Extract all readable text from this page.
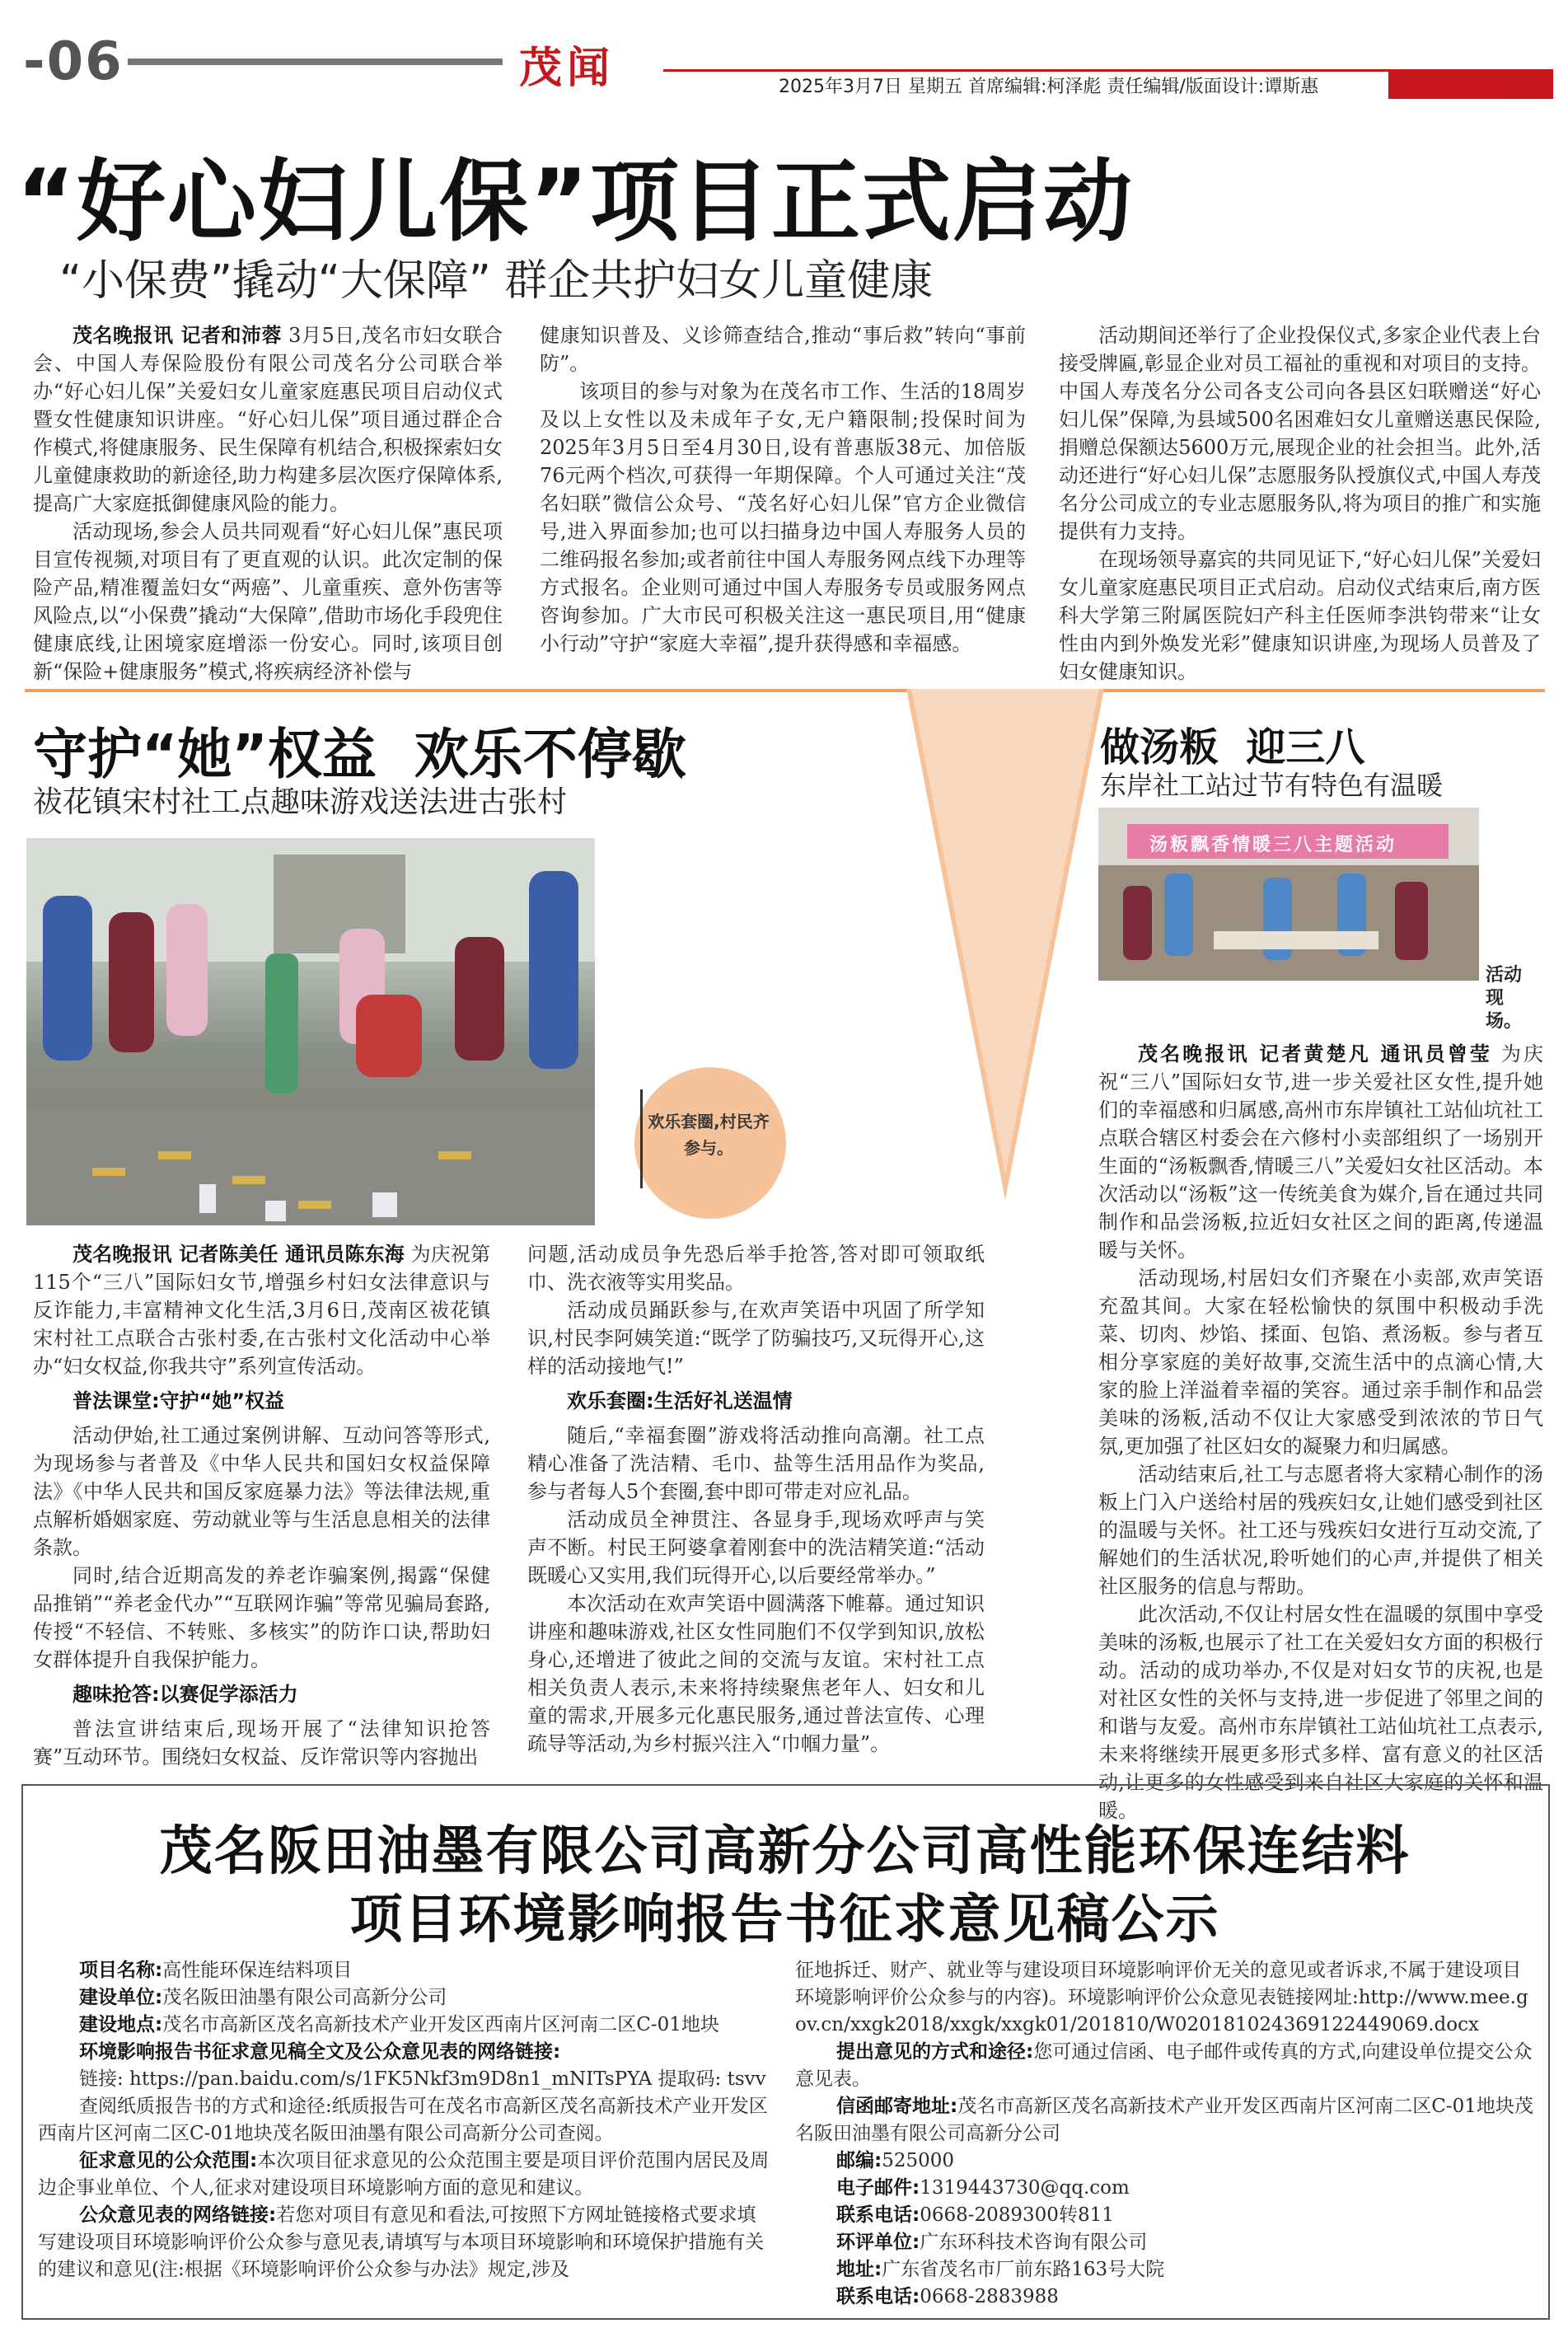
-06	茂闻	2025年3月7日 星期五 首席编辑:柯泽彪 责任编辑/版面设计:谭斯惠	茂名晚报
“好心妇儿保”项目正式启动
“小保费”撬动“大保障” 群企共护妇女儿童健康

茂名晚报讯 记者和沛蓉 3月5日,茂名市妇女联合会、中国人寿保险股份有限公司茂名分公司联合举办“好心妇儿保”关爱妇女儿童家庭惠民项目启动仪式暨女性健康知识讲座。“好心妇儿保”项目通过群企合作模式,将健康服务、民生保障有机结合,积极探索妇女儿童健康救助的新途径,助力构建多层次医疗保障体系,提高广大家庭抵御健康风险的能力。

活动现场,参会人员共同观看“好心妇儿保”惠民项目宣传视频,对项目有了更直观的认识。此次定制的保险产品,精准覆盖妇女“两癌”、儿童重疾、意外伤害等风险点,以“小保费”撬动“大保障”,借助市场化手段兜住健康底线,让困境家庭增添一份安心。同时,该项目创新“保险+健康服务”模式,将疾病经济补偿与

健康知识普及、义诊筛查结合,推动“事后救”转向“事前防”。

该项目的参与对象为在茂名市工作、生活的18周岁及以上女性以及未成年子女,无户籍限制;投保时间为2025年3月5日至4月30日,设有普惠版38元、加倍版76元两个档次,可获得一年期保障。个人可通过关注“茂名妇联”微信公众号、“茂名好心妇儿保”官方企业微信号,进入界面参加;也可以扫描身边中国人寿服务人员的二维码报名参加;或者前往中国人寿服务网点线下办理等方式报名。企业则可通过中国人寿服务专员或服务网点咨询参加。广大市民可积极关注这一惠民项目,用“健康小行动”守护“家庭大幸福”,提升获得感和幸福感。

活动期间还举行了企业投保仪式,多家企业代表上台接受牌匾,彰显企业对员工福祉的重视和对项目的支持。中国人寿茂名分公司各支公司向各县区妇联赠送“好心妇儿保”保障,为县域500名困难妇女儿童赠送惠民保险,捐赠总保额达5600万元,展现企业的社会担当。此外,活动还进行“好心妇儿保”志愿服务队授旗仪式,中国人寿茂名分公司成立的专业志愿服务队,将为项目的推广和实施提供有力支持。

在现场领导嘉宾的共同见证下,“好心妇儿保”关爱妇女儿童家庭惠民项目正式启动。启动仪式结束后,南方医科大学第三附属医院妇产科主任医师李洪钧带来“让女性由内到外焕发光彩”健康知识讲座,为现场人员普及了妇女健康知识。

守护“她”权益  欢乐不停歇
祓花镇宋村社工点趣味游戏送法进古张村
欢乐套圈,村民齐参与。

茂名晚报讯 记者陈美任 通讯员陈东海 为庆祝第115个“三八”国际妇女节,增强乡村妇女法律意识与反诈能力,丰富精神文化生活,3月6日,茂南区祓花镇宋村社工点联合古张村委,在古张村文化活动中心举办“妇女权益,你我共守”系列宣传活动。

普法课堂:守护“她”权益

活动伊始,社工通过案例讲解、互动问答等形式,为现场参与者普及《中华人民共和国妇女权益保障法》《中华人民共和国反家庭暴力法》等法律法规,重点解析婚姻家庭、劳动就业等与生活息息相关的法律条款。

同时,结合近期高发的养老诈骗案例,揭露“保健品推销”“养老金代办”“互联网诈骗”等常见骗局套路,传授“不轻信、不转账、多核实”的防诈口诀,帮助妇女群体提升自我保护能力。

趣味抢答:以赛促学添活力

普法宣讲结束后,现场开展了“法律知识抢答赛”互动环节。围绕妇女权益、反诈常识等内容抛出

问题,活动成员争先恐后举手抢答,答对即可领取纸巾、洗衣液等实用奖品。

活动成员踊跃参与,在欢声笑语中巩固了所学知识,村民李阿姨笑道:“既学了防骗技巧,又玩得开心,这样的活动接地气!”

欢乐套圈:生活好礼送温情

随后,“幸福套圈”游戏将活动推向高潮。社工点精心准备了洗洁精、毛巾、盐等生活用品作为奖品,参与者每人5个套圈,套中即可带走对应礼品。

活动成员全神贯注、各显身手,现场欢呼声与笑声不断。村民王阿婆拿着刚套中的洗洁精笑道:“活动既暖心又实用,我们玩得开心,以后要经常举办。”

本次活动在欢声笑语中圆满落下帷幕。通过知识讲座和趣味游戏,社区女性同胞们不仅学到知识,放松身心,还增进了彼此之间的交流与友谊。宋村社工点相关负责人表示,未来将持续聚焦老年人、妇女和儿童的需求,开展多元化惠民服务,通过普法宣传、心理疏导等活动,为乡村振兴注入“巾帼力量”。

做汤粄  迎三八
东岸社工站过节有特色有温暖
汤粄飘香情暖三八主题活动
活动现场。

茂名晚报讯 记者黄楚凡 通讯员曾莹 为庆祝“三八”国际妇女节,进一步关爱社区女性,提升她们的幸福感和归属感,高州市东岸镇社工站仙坑社工点联合辖区村委会在六修村小卖部组织了一场别开生面的“汤粄飘香,情暖三八”关爱妇女社区活动。本次活动以“汤粄”这一传统美食为媒介,旨在通过共同制作和品尝汤粄,拉近妇女社区之间的距离,传递温暖与关怀。

活动现场,村居妇女们齐聚在小卖部,欢声笑语充盈其间。大家在轻松愉快的氛围中积极动手洗菜、切肉、炒馅、揉面、包馅、煮汤粄。参与者互相分享家庭的美好故事,交流生活中的点滴心情,大家的脸上洋溢着幸福的笑容。通过亲手制作和品尝美味的汤粄,活动不仅让大家感受到浓浓的节日气氛,更加强了社区妇女的凝聚力和归属感。

活动结束后,社工与志愿者将大家精心制作的汤粄上门入户送给村居的残疾妇女,让她们感受到社区的温暖与关怀。社工还与残疾妇女进行互动交流,了解她们的生活状况,聆听她们的心声,并提供了相关社区服务的信息与帮助。

此次活动,不仅让村居女性在温暖的氛围中享受美味的汤粄,也展示了社工在关爱妇女方面的积极行动。活动的成功举办,不仅是对妇女节的庆祝,也是对社区女性的关怀与支持,进一步促进了邻里之间的和谐与友爱。高州市东岸镇社工站仙坑社工点表示,未来将继续开展更多形式多样、富有意义的社区活动,让更多的女性感受到来自社区大家庭的关怀和温暖。

茂名阪田油墨有限公司高新分公司高性能环保连结料
项目环境影响报告书征求意见稿公示

项目名称:高性能环保连结料项目

建设单位:茂名阪田油墨有限公司高新分公司

建设地点:茂名市高新区茂名高新技术产业开发区西南片区河南二区C-01地块

环境影响报告书征求意见稿全文及公众意见表的网络链接:

链接: https://pan.baidu.com/s/1FK5Nkf3m9D8n1_mNITsPYA 提取码: tsvv

查阅纸质报告书的方式和途径:纸质报告可在茂名市高新区茂名高新技术产业开发区西南片区河南二区C-01地块茂名阪田油墨有限公司高新分公司查阅。

征求意见的公众范围:本次项目征求意见的公众范围主要是项目评价范围内居民及周边企事业单位、个人,征求对建设项目环境影响方面的意见和建议。

公众意见表的网络链接:若您对项目有意见和看法,可按照下方网址链接格式要求填写建设项目环境影响评价公众参与意见表,请填写与本项目环境影响和环境保护措施有关的建议和意见(注:根据《环境影响评价公众参与办法》规定,涉及

征地拆迁、财产、就业等与建设项目环境影响评价无关的意见或者诉求,不属于建设项目环境影响评价公众参与的内容)。环境影响评价公众意见表链接网址:http://www.mee.gov.cn/xxgk2018/xxgk/xxgk01/201810/W020181024369122449069.docx

提出意见的方式和途径:您可通过信函、电子邮件或传真的方式,向建设单位提交公众意见表。

信函邮寄地址:茂名市高新区茂名高新技术产业开发区西南片区河南二区C-01地块茂名阪田油墨有限公司高新分公司

邮编:525000

电子邮件:1319443730@qq.com

联系电话:0668-2089300转811

环评单位:广东环科技术咨询有限公司

地址:广东省茂名市厂前东路163号大院

联系电话:0668-2883988
